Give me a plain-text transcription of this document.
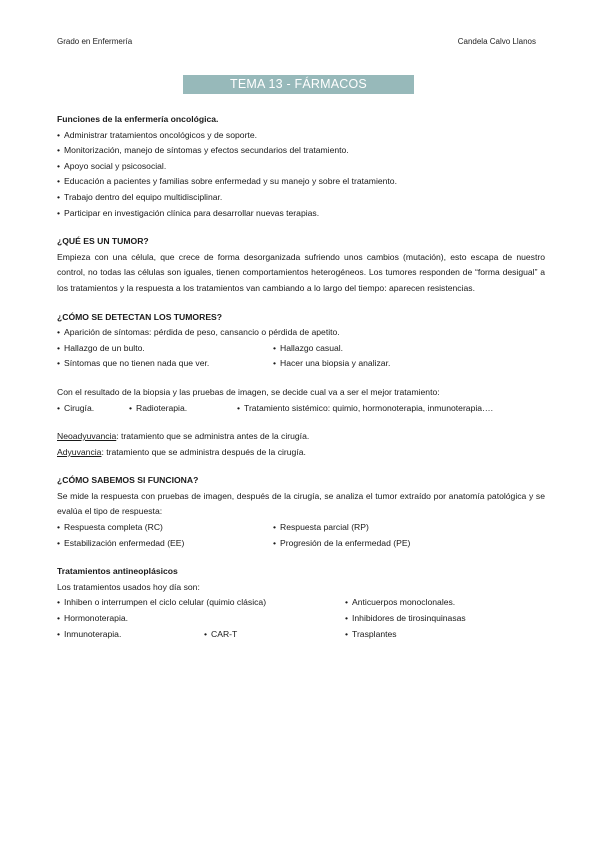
Grado en Enfermería	Candela Calvo Llanos
TEMA 13 - FÁRMACOS ANTINEOPLÁSICOS
Funciones de la enfermería oncológica.
• Administrar tratamientos oncológicos y de soporte.
• Monitorización, manejo de síntomas y efectos secundarios del tratamiento.
• Apoyo social y psicosocial.
• Educación a pacientes y familias sobre enfermedad y su manejo y sobre el tratamiento.
• Trabajo dentro del equipo multidisciplinar.
• Participar en investigación clínica para desarrollar nuevas terapias.
¿QUÉ ES UN TUMOR?
Empieza con una célula, que crece de forma desorganizada sufriendo unos cambios (mutación), esto escapa de nuestro control, no todas las células son iguales, tienen comportamientos heterogéneos. Los tumores responden de “forma desigual” a los tratamientos y la respuesta a los tratamientos van cambiando a lo largo del tiempo: aparecen resistencias.
¿CÓMO SE DETECTAN LOS TUMORES?
• Aparición de síntomas: pérdida de peso, cansancio o pérdida de apetito.
• Hallazgo de un bulto.	• Hallazgo casual.
• Síntomas que no tienen nada que ver.	• Hacer una biopsia y analizar.
Con el resultado de la biopsia y las pruebas de imagen, se decide cual va a ser el mejor tratamiento:
• Cirugía.	• Radioterapia.	• Tratamiento sistémico: quimio, hormonoterapia, inmunoterapia….
Neoadyuvancia: tratamiento que se administra antes de la cirugía.
Adyuvancia: tratamiento que se administra después de la cirugía.
¿CÓMO SABEMOS SI FUNCIONA?
Se mide la respuesta con pruebas de imagen, después de la cirugía, se analiza el tumor extraído por anatomía patológica y se evalúa el tipo de respuesta:
• Respuesta completa (RC)	• Respuesta parcial (RP)
• Estabilización enfermedad (EE)	• Progresión de la enfermedad (PE)
Tratamientos antineoplásicos
Los tratamientos usados hoy día son:
• Inhiben o interrumpen el ciclo celular (quimio clásica)	• Anticuerpos monoclonales.
• Hormonoterapia.	• Inhibidores de tirosinquinasas
• Inmunoterapia.	• CAR-T	• Trasplantes
